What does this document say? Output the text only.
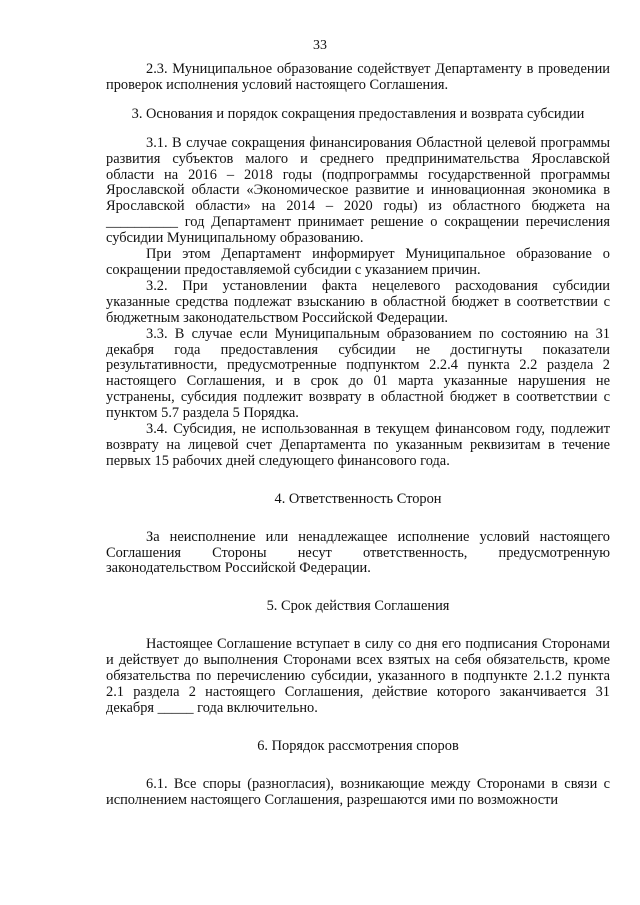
33

2.3. Муниципальное образование содействует Департаменту в проведении проверок исполнения условий настоящего Соглашения.

3. Основания и порядок сокращения предоставления и возврата субсидии

3.1. В случае сокращения финансирования Областной целевой программы развития субъектов малого и среднего предпринимательства Ярославской области на 2016 – 2018 годы (подпрограммы государственной программы Ярославской области «Экономическое развитие и инновационная экономика в Ярославской области» на 2014 – 2020 годы) из областного бюджета на __________ год Департамент принимает решение о сокращении перечисления субсидии Муниципальному образованию.

При этом Департамент информирует Муниципальное образование о сокращении предоставляемой субсидии с указанием причин.

3.2. При установлении факта нецелевого расходования субсидии указанные средства подлежат взысканию в областной бюджет в соответствии с бюджетным законодательством Российской Федерации.

3.3. В случае если Муниципальным образованием по состоянию на 31 декабря года предоставления субсидии не достигнуты показатели результативности, предусмотренные подпунктом 2.2.4 пункта 2.2 раздела 2 настоящего Соглашения, и в срок до 01 марта указанные нарушения не устранены, субсидия подлежит возврату в областной бюджет в соответствии с пунктом 5.7 раздела 5 Порядка.

3.4. Субсидия, не использованная в текущем финансовом году, подлежит возврату на лицевой счет Департамента по указанным реквизитам в течение первых 15 рабочих дней следующего финансового года.

4. Ответственность Сторон

За неисполнение или ненадлежащее исполнение условий настоящего Соглашения Стороны несут ответственность, предусмотренную законодательством Российской Федерации.

5. Срок действия Соглашения

Настоящее Соглашение вступает в силу со дня его подписания Сторонами и действует до выполнения Сторонами всех взятых на себя обязательств, кроме обязательства по перечислению субсидии, указанного в подпункте 2.1.2 пункта 2.1 раздела 2 настоящего Соглашения, действие которого заканчивается 31 декабря _____ года включительно.

6. Порядок рассмотрения споров

6.1. Все споры (разногласия), возникающие между Сторонами в связи с исполнением настоящего Соглашения, разрешаются ими по возможности
